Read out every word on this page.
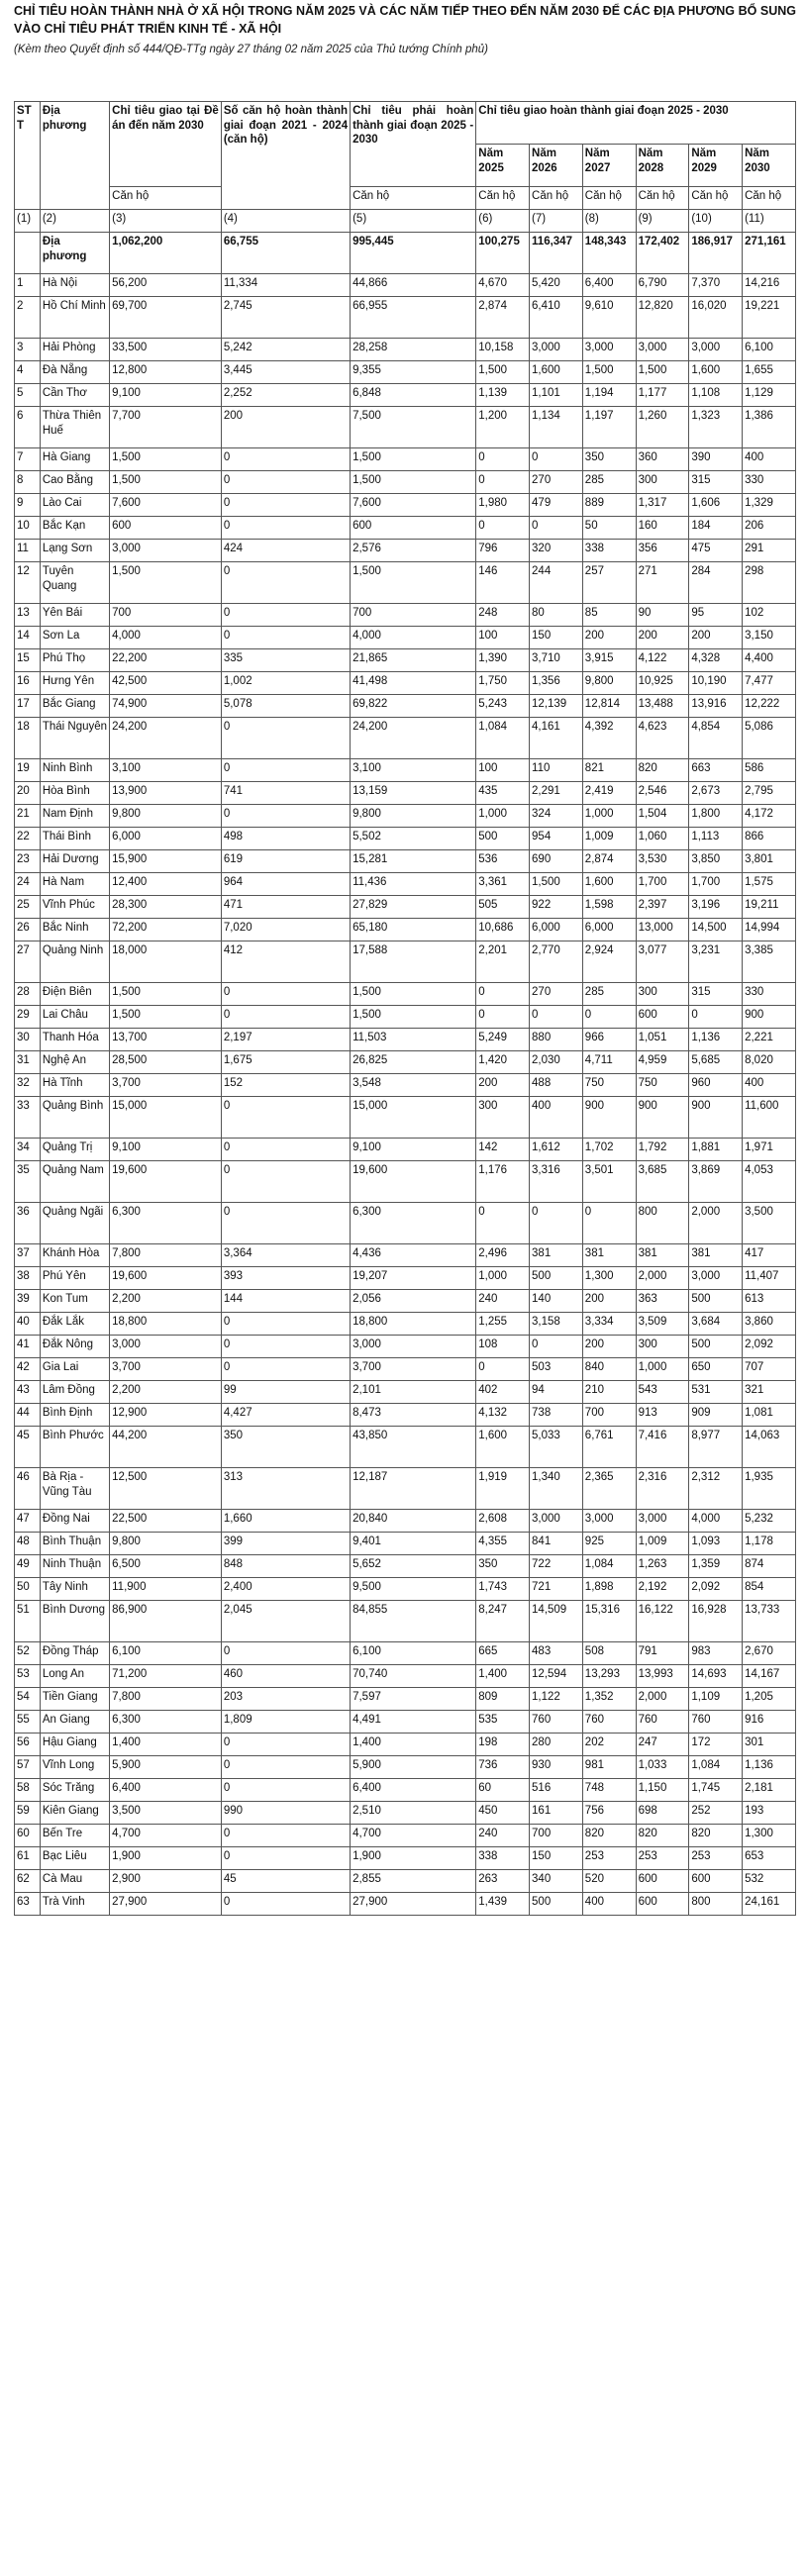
CHỈ TIÊU HOÀN THÀNH NHÀ Ở XÃ HỘI TRONG NĂM 2025 VÀ CÁC NĂM TIẾP THEO ĐẾN NĂM 2030 ĐỂ CÁC ĐỊA PHƯƠNG BỔ SUNG VÀO CHỈ TIÊU PHÁT TRIỂN KINH TẾ - XÃ HỘI
(Kèm theo Quyết định số 444/QĐ-TTg ngày 27 tháng 02 năm 2025 của Thủ tướng Chính phủ)
STT	Địa phương	Chỉ tiêu giao tại Đề án đến năm 2030	Số căn hộ hoàn thành giai đoạn 2021 - 2024 (căn hộ)	Chỉ tiêu phải hoàn thành giai đoạn 2025 - 2030	Chỉ tiêu giao hoàn thành giai đoạn 2025 - 2030					
					Năm 2025	Năm 2026	Năm 2027	Năm 2028	Năm 2029	Năm 2030
		Căn hộ		Căn hộ	Căn hộ	Căn hộ	Căn hộ	Căn hộ	Căn hộ	Căn hộ
(1)	(2)	(3)	(4)	(5)	(6)	(7)	(8)	(9)	(10)	(11)
	Địa phương	1,062,200	66,755	995,445	100,275	116,347	148,343	172,402	186,917	271,161
1	Hà Nội	56,200	11,334	44,866	4,670	5,420	6,400	6,790	7,370	14,216
2	Hồ Chí Minh	69,700	2,745	66,955	2,874	6,410	9,610	12,820	16,020	19,221
3	Hải Phòng	33,500	5,242	28,258	10,158	3,000	3,000	3,000	3,000	6,100
4	Đà Nẵng	12,800	3,445	9,355	1,500	1,600	1,500	1,500	1,600	1,655
5	Cần Thơ	9,100	2,252	6,848	1,139	1,101	1,194	1,177	1,108	1,129
6	Thừa Thiên Huế	7,700	200	7,500	1,200	1,134	1,197	1,260	1,323	1,386
7	Hà Giang	1,500	0	1,500	0	0	350	360	390	400
8	Cao Bằng	1,500	0	1,500	0	270	285	300	315	330
9	Lào Cai	7,600	0	7,600	1,980	479	889	1,317	1,606	1,329
10	Bắc Kạn	600	0	600	0	0	50	160	184	206
11	Lạng Sơn	3,000	424	2,576	796	320	338	356	475	291
12	Tuyên Quang	1,500	0	1,500	146	244	257	271	284	298
13	Yên Bái	700	0	700	248	80	85	90	95	102
14	Sơn La	4,000	0	4,000	100	150	200	200	200	3,150
15	Phú Thọ	22,200	335	21,865	1,390	3,710	3,915	4,122	4,328	4,400
16	Hưng Yên	42,500	1,002	41,498	1,750	1,356	9,800	10,925	10,190	7,477
17	Bắc Giang	74,900	5,078	69,822	5,243	12,139	12,814	13,488	13,916	12,222
18	Thái Nguyên	24,200	0	24,200	1,084	4,161	4,392	4,623	4,854	5,086
19	Ninh Bình	3,100	0	3,100	100	110	821	820	663	586
20	Hòa Bình	13,900	741	13,159	435	2,291	2,419	2,546	2,673	2,795
21	Nam Định	9,800	0	9,800	1,000	324	1,000	1,504	1,800	4,172
22	Thái Bình	6,000	498	5,502	500	954	1,009	1,060	1,113	866
23	Hải Dương	15,900	619	15,281	536	690	2,874	3,530	3,850	3,801
24	Hà Nam	12,400	964	11,436	3,361	1,500	1,600	1,700	1,700	1,575
25	Vĩnh Phúc	28,300	471	27,829	505	922	1,598	2,397	3,196	19,211
26	Bắc Ninh	72,200	7,020	65,180	10,686	6,000	6,000	13,000	14,500	14,994
27	Quảng Ninh	18,000	412	17,588	2,201	2,770	2,924	3,077	3,231	3,385
28	Điện Biên	1,500	0	1,500	0	270	285	300	315	330
29	Lai Châu	1,500	0	1,500	0	0	0	600	0	900
30	Thanh Hóa	13,700	2,197	11,503	5,249	880	966	1,051	1,136	2,221
31	Nghệ An	28,500	1,675	26,825	1,420	2,030	4,711	4,959	5,685	8,020
32	Hà Tĩnh	3,700	152	3,548	200	488	750	750	960	400
33	Quảng Bình	15,000	0	15,000	300	400	900	900	900	11,600
34	Quảng Trị	9,100	0	9,100	142	1,612	1,702	1,792	1,881	1,971
35	Quảng Nam	19,600	0	19,600	1,176	3,316	3,501	3,685	3,869	4,053
36	Quảng Ngãi	6,300	0	6,300	0	0	0	800	2,000	3,500
37	Khánh Hòa	7,800	3,364	4,436	2,496	381	381	381	381	417
38	Phú Yên	19,600	393	19,207	1,000	500	1,300	2,000	3,000	11,407
39	Kon Tum	2,200	144	2,056	240	140	200	363	500	613
40	Đắk Lắk	18,800	0	18,800	1,255	3,158	3,334	3,509	3,684	3,860
41	Đắk Nông	3,000	0	3,000	108	0	200	300	500	2,092
42	Gia Lai	3,700	0	3,700	0	503	840	1,000	650	707
43	Lâm Đồng	2,200	99	2,101	402	94	210	543	531	321
44	Bình Định	12,900	4,427	8,473	4,132	738	700	913	909	1,081
45	Bình Phước	44,200	350	43,850	1,600	5,033	6,761	7,416	8,977	14,063
46	Bà Rịa - Vũng Tàu	12,500	313	12,187	1,919	1,340	2,365	2,316	2,312	1,935
47	Đồng Nai	22,500	1,660	20,840	2,608	3,000	3,000	3,000	4,000	5,232
48	Bình Thuận	9,800	399	9,401	4,355	841	925	1,009	1,093	1,178
49	Ninh Thuận	6,500	848	5,652	350	722	1,084	1,263	1,359	874
50	Tây Ninh	11,900	2,400	9,500	1,743	721	1,898	2,192	2,092	854
51	Bình Dương	86,900	2,045	84,855	8,247	14,509	15,316	16,122	16,928	13,733
52	Đồng Tháp	6,100	0	6,100	665	483	508	791	983	2,670
53	Long An	71,200	460	70,740	1,400	12,594	13,293	13,993	14,693	14,167
54	Tiền Giang	7,800	203	7,597	809	1,122	1,352	2,000	1,109	1,205
55	An Giang	6,300	1,809	4,491	535	760	760	760	760	916
56	Hậu Giang	1,400	0	1,400	198	280	202	247	172	301
57	Vĩnh Long	5,900	0	5,900	736	930	981	1,033	1,084	1,136
58	Sóc Trăng	6,400	0	6,400	60	516	748	1,150	1,745	2,181
59	Kiên Giang	3,500	990	2,510	450	161	756	698	252	193
60	Bến Tre	4,700	0	4,700	240	700	820	820	820	1,300
61	Bạc Liêu	1,900	0	1,900	338	150	253	253	253	653
62	Cà Mau	2,900	45	2,855	263	340	520	600	600	532
63	Trà Vinh	27,900	0	27,900	1,439	500	400	600	800	24,161
